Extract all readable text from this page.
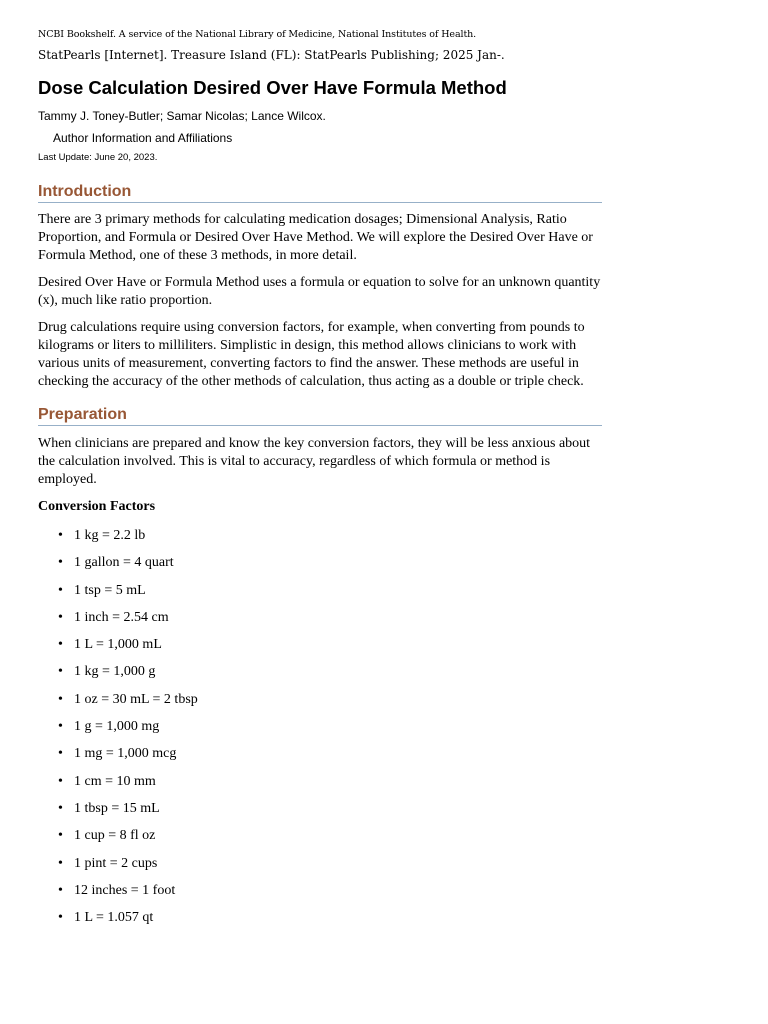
NCBI Bookshelf. A service of the National Library of Medicine, National Institutes of Health.

StatPearls [Internet]. Treasure Island (FL): StatPearls Publishing; 2025 Jan-.

Dose Calculation Desired Over Have Formula Method

Tammy J. Toney-Butler; Samar Nicolas; Lance Wilcox.

Author Information and Affiliations

Last Update: June 20, 2023.

Introduction

There are 3 primary methods for calculating medication dosages; Dimensional Analysis, Ratio Proportion, and Formula or Desired Over Have Method. We will explore the Desired Over Have or Formula Method, one of these 3 methods, in more detail.

Desired Over Have or Formula Method uses a formula or equation to solve for an unknown quantity (x), much like ratio proportion.

Drug calculations require using conversion factors, for example, when converting from pounds to kilograms or liters to milliliters. Simplistic in design, this method allows clinicians to work with various units of measurement, converting factors to find the answer. These methods are useful in checking the accuracy of the other methods of calculation, thus acting as a double or triple check.

Preparation

When clinicians are prepared and know the key conversion factors, they will be less anxious about the calculation involved. This is vital to accuracy, regardless of which formula or method is employed.

Conversion Factors

• 1 kg = 2.2 lb
• 1 gallon = 4 quart
• 1 tsp = 5 mL
• 1 inch = 2.54 cm
• 1 L = 1,000 mL
• 1 kg = 1,000 g
• 1 oz = 30 mL = 2 tbsp
• 1 g = 1,000 mg
• 1 mg = 1,000 mcg
• 1 cm = 10 mm
• 1 tbsp = 15 mL
• 1 cup = 8 fl oz
• 1 pint = 2 cups
• 12 inches = 1 foot
• 1 L = 1.057 qt
